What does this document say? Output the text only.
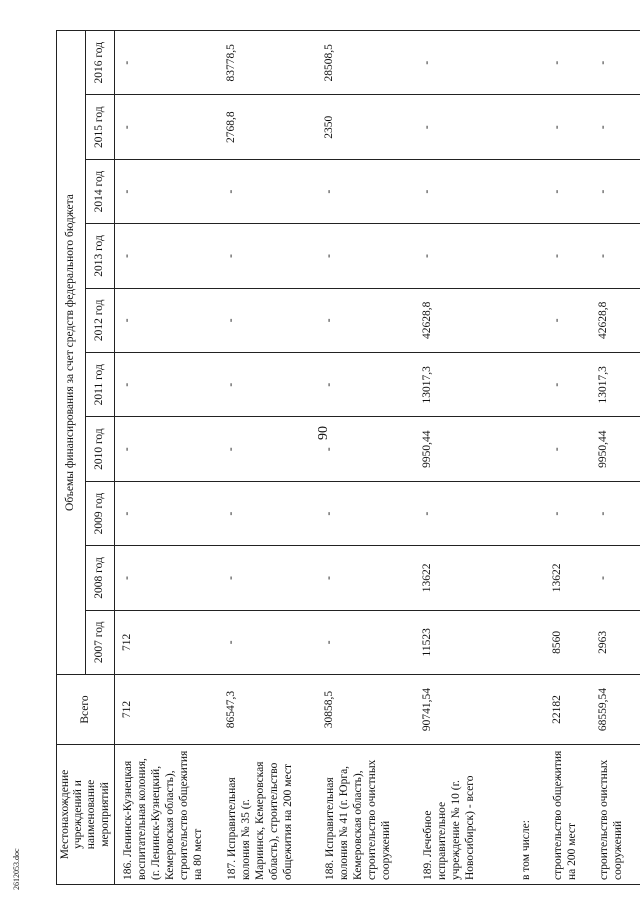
90
2612053.doc
Местонахождение учреждений и наименование мероприятий	Всего	Объемы финансирования за счет средств федерального бюджета									
		2007 год	2008 год	2009 год	2010 год	2011 год	2012 год	2013 год	2014 год	2015 год	2016 год
186. Ленинск-Кузнецкая воспитательная колония, (г. Ленинск-Кузнецкий, Кемеровская область), строительство общежития на 80 мест	712	712	-	-	-	-	-	-	-	-	-
187. Исправительная колония № 35 (г. Мариинск, Кемеровская область), строительство общежития на 200 мест	86547,3	-	-	-	-	-	-	-	-	2768,8	83778,5
188. Исправительная колония № 41 (г. Юрга, Кемеровская область), строительство очистных сооружений	30858,5	-	-	-	-	-	-	-	-	2350	28508,5
189. Лечебное исправительное учреждение № 10 (г. Новосибирск) - всего	90741,54	11523	13622	-	9950,44	13017,3	42628,8	-	-	-	-
в том числе:											
строительство общежития на 200 мест	22182	8560	13622	-	-	-	-	-	-	-	-
строительство очистных сооружений	68559,54	2963	-	-	9950,44	13017,3	42628,8	-	-	-	-
